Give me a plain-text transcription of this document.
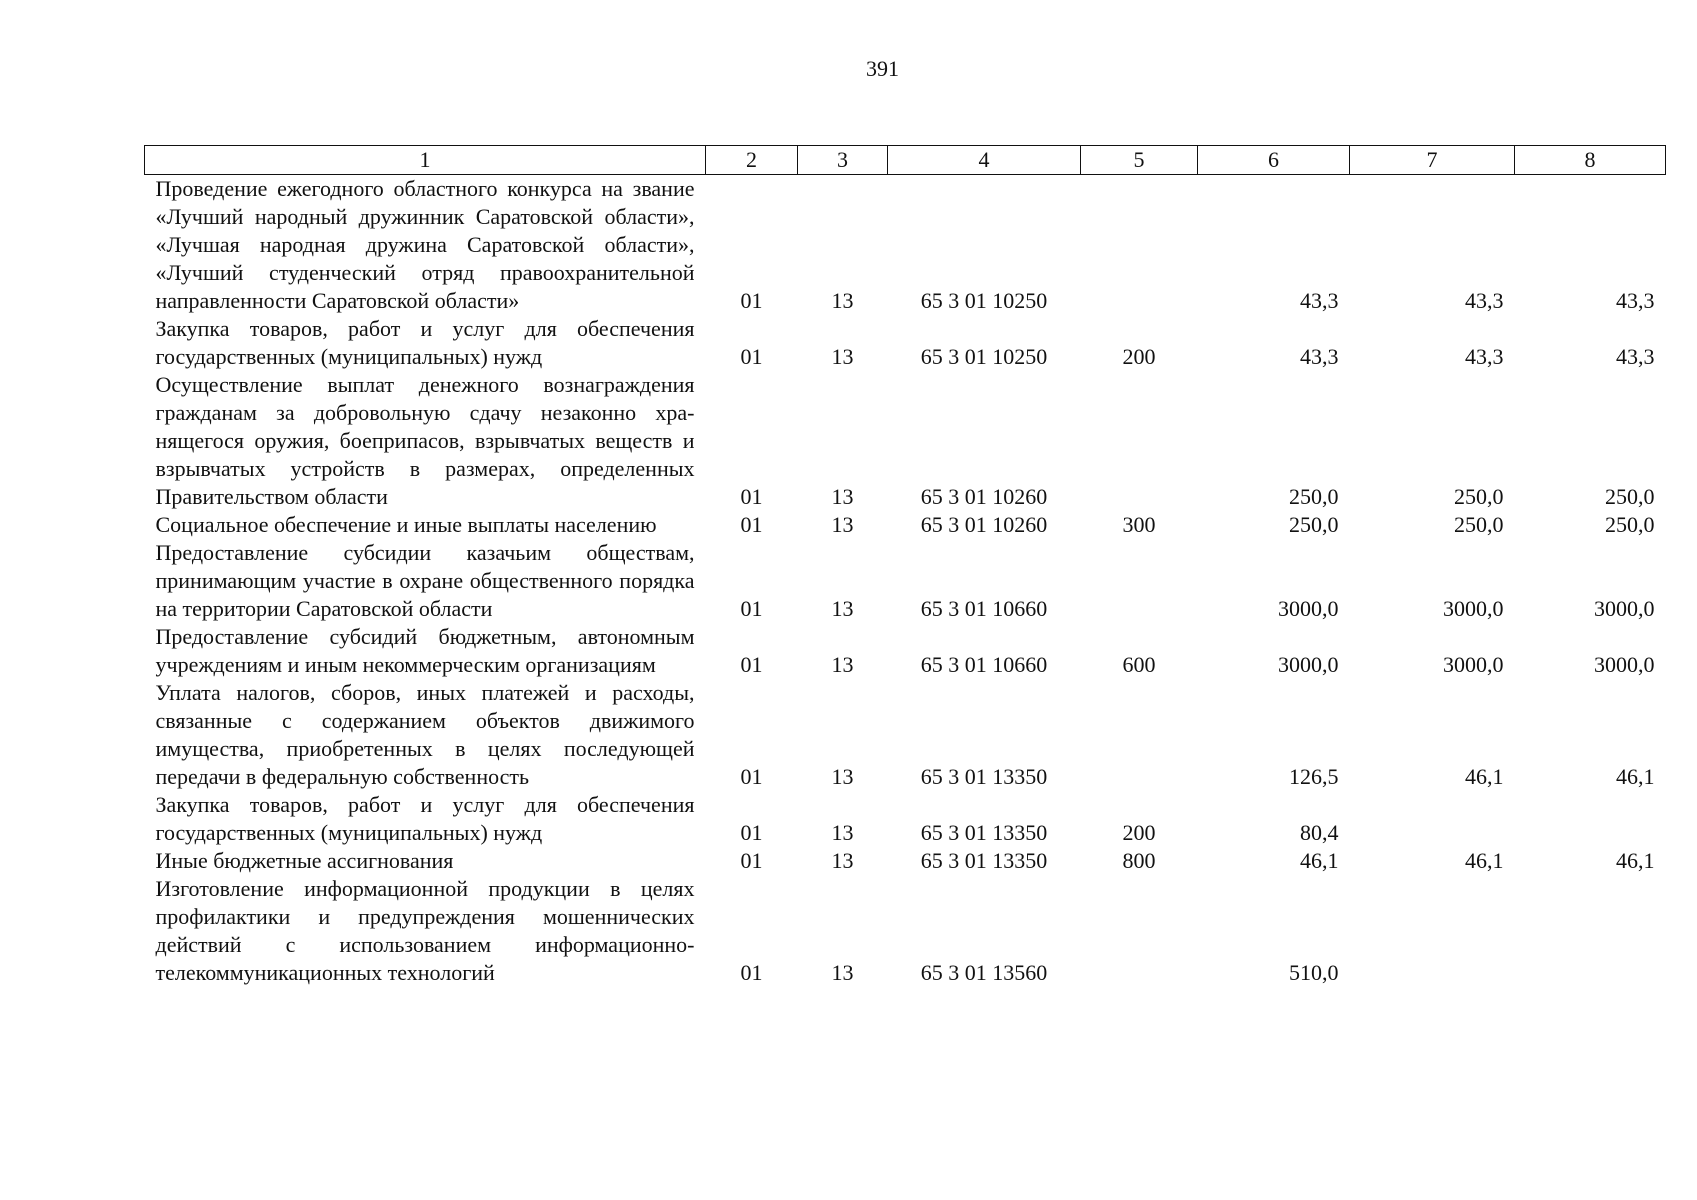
391
1	2	3	4	5	6	7	8
Проведение ежегодного областного конкурса на звание «Лучший народный дружинник Саратовской области», «Лучшая народная дружина Саратовской области», «Лучший студенческий отряд правоохранительной направленности Саратовской области»	01	13	65 3 01 10250		43,3	43,3	43,3
Закупка товаров, работ и услуг для обеспечения государственных (муниципальных) нужд	01	13	65 3 01 10250	200	43,3	43,3	43,3
Осуществление выплат денежного вознаграждения гражданам за добровольную сдачу незаконно хранящегося оружия, боеприпасов, взрывчатых веществ и взрывчатых устройств в размерах, определенных Правительством области	01	13	65 3 01 10260		250,0	250,0	250,0
Социальное обеспечение и иные выплаты населению	01	13	65 3 01 10260	300	250,0	250,0	250,0
Предоставление субсидии казачьим обществам, принимающим участие в охране общественного порядка на территории Саратовской области	01	13	65 3 01 10660		3000,0	3000,0	3000,0
Предоставление субсидий бюджетным, автономным учреждениям и иным некоммерческим организациям	01	13	65 3 01 10660	600	3000,0	3000,0	3000,0
Уплата налогов, сборов, иных платежей и расходы, связанные с содержанием объектов движимого имущества, приобретенных в целях последующей передачи в федеральную собственность	01	13	65 3 01 13350		126,5	46,1	46,1
Закупка товаров, работ и услуг для обеспечения государственных (муниципальных) нужд	01	13	65 3 01 13350	200	80,4		
Иные бюджетные ассигнования	01	13	65 3 01 13350	800	46,1	46,1	46,1
Изготовление информационной продукции в целях профилактики и предупреждения мошеннических действий с использованием информационно-телекоммуникационных технологий	01	13	65 3 01 13560		510,0		
